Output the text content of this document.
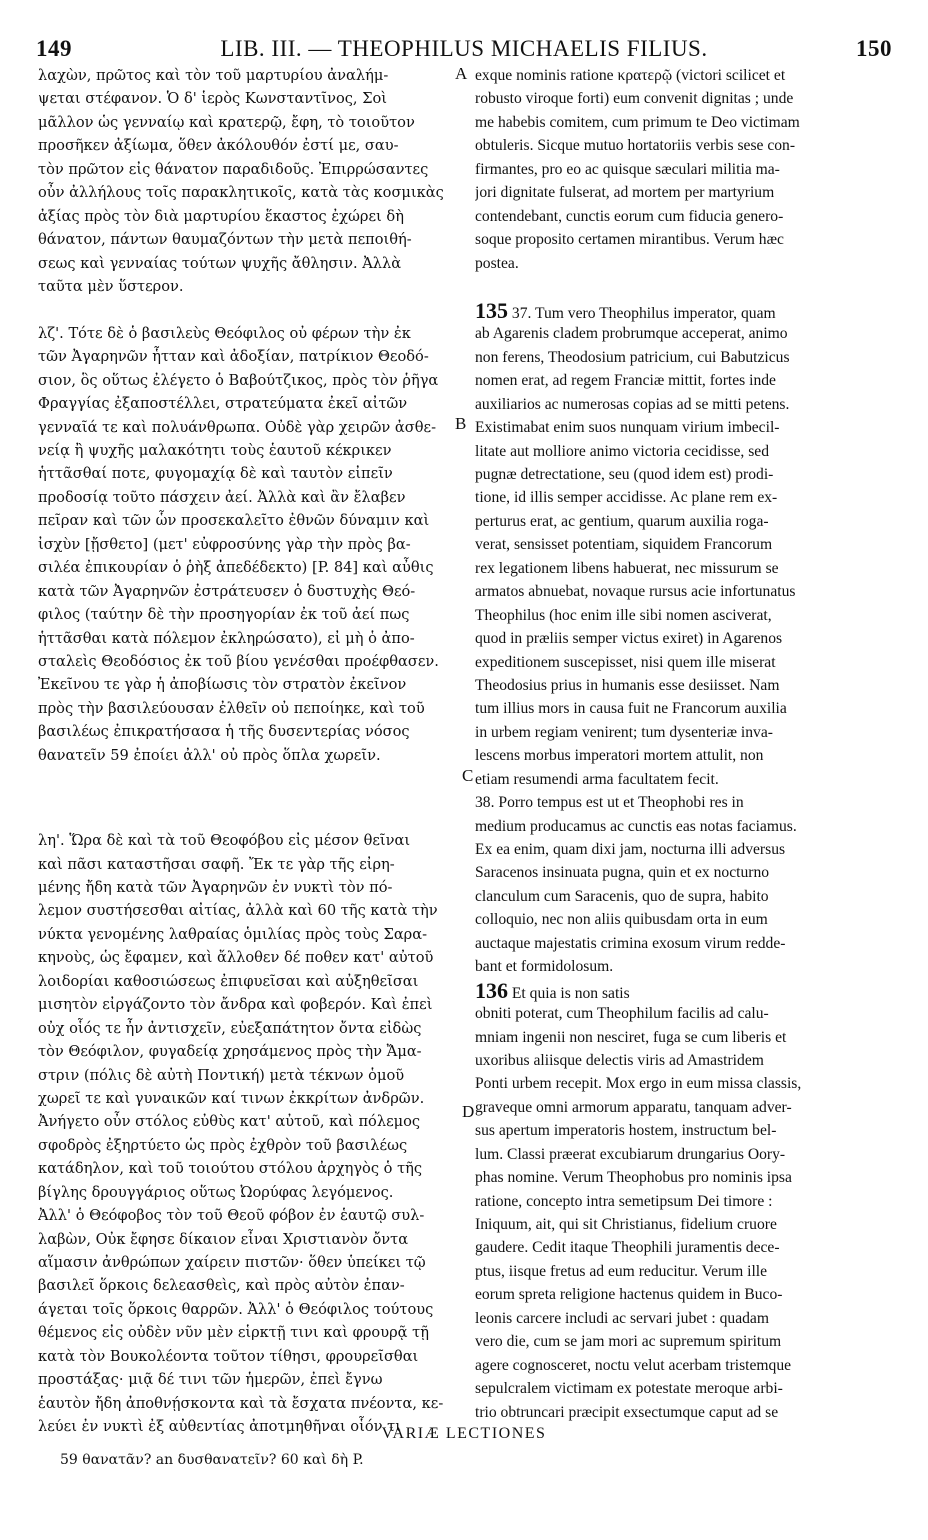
149	LIB. III. — THEOPHILUS MICHAELIS FILIUS.	150
A
B
C
D
λαχὼν, πρῶτος καὶ τὸν τοῦ μαρτυρίου ἀναλήμ-
ψεται στέφανον. Ὁ δ' ἱερὸς Κωνσταντῖνος, Σοὶ
μᾶλλον ὡς γενναίῳ καὶ κρατερῷ, ἔφη, τὸ τοιοῦτον
προσῆκεν ἀξίωμα, ὅθεν ἀκόλουθόν ἐστί με, σαυ-
τὸν πρῶτον εἰς θάνατον παραδιδοῦς. Ἐπιρρώσαντες
οὖν ἀλλήλους τοῖς παρακλητικοῖς, κατὰ τὰς κοσμικὰς
ἀξίας πρὸς τὸν διὰ μαρτυρίου ἕκαστος ἐχώρει δὴ
θάνατον, πάντων θαυμαζόντων τὴν μετὰ πεποιθή-
σεως καὶ γενναίας τούτων ψυχῆς ἄθλησιν. Ἀλλὰ
ταῦτα μὲν ὕστερον.
λζ'. Τότε δὲ ὁ βασιλεὺς Θεόφιλος οὐ φέρων τὴν ἐκ
τῶν Ἀγαρηνῶν ἧτταν καὶ ἀδοξίαν, πατρίκιον Θεοδό-
σιον, ὃς οὕτως ἐλέγετο ὁ Βαβούτζικος, πρὸς τὸν ῥῆγα
Φραγγίας ἐξαποστέλλει, στρατεύματα ἐκεῖ αἰτῶν
γενναῖά τε καὶ πολυάνθρωπα. Οὐδὲ γὰρ χειρῶν ἀσθε-
νείᾳ ἢ ψυχῆς μαλακότητι τοὺς ἑαυτοῦ κέκρικεν
ἡττᾶσθαί ποτε, φυγομαχίᾳ δὲ καὶ ταυτὸν εἰπεῖν
προδοσίᾳ τοῦτο πάσχειν ἀεί. Ἀλλὰ καὶ ἂν ἔλαβεν
πεῖραν καὶ τῶν ὧν προσεκαλεῖτο ἐθνῶν δύναμιν καὶ
ἰσχὺν [ᾔσθετο] (μετ' εὐφροσύνης γὰρ τὴν πρὸς βα-
σιλέα ἐπικουρίαν ὁ ῥὴξ ἀπεδέδεκτο) [P. 84] καὶ αὖθις
κατὰ τῶν Ἀγαρηνῶν ἐστράτευσεν ὁ δυστυχὴς Θεό-
φιλος (ταύτην δὲ τὴν προσηγορίαν ἐκ τοῦ ἀεί πως
ἡττᾶσθαι κατὰ πόλεμον ἐκληρώσατο), εἰ μὴ ὁ ἀπο-
σταλεὶς Θεοδόσιος ἐκ τοῦ βίου γενέσθαι προέφθασεν.
Ἐκεῖνου τε γὰρ ἡ ἀποβίωσις τὸν στρατὸν ἐκεῖνον
πρὸς τὴν βασιλεύουσαν ἐλθεῖν οὐ πεποίηκε, καὶ τοῦ
βασιλέως ἐπικρατήσασα ἡ τῆς δυσεντερίας νόσος
θανατεῖν 59 ἐποίει ἀλλ' οὐ πρὸς ὅπλα χωρεῖν.
λη'. Ὥρα δὲ καὶ τὰ τοῦ Θεοφόβου εἰς μέσον θεῖναι
καὶ πᾶσι καταστῆσαι σαφῆ. Ἔκ τε γὰρ τῆς εἰρη-
μένης ἤδη κατὰ τῶν Ἀγαρηνῶν ἐν νυκτὶ τὸν πό-
λεμον συστήσεσθαι αἰτίας, ἀλλὰ καὶ 60 τῆς κατὰ τὴν
νύκτα γενομένης λαθραίας ὁμιλίας πρὸς τοὺς Σαρα-
κηνοὺς, ὡς ἔφαμεν, καὶ ἄλλοθεν δέ ποθεν κατ' αὐτοῦ
λοιδορίαι καθοσιώσεως ἐπιφυεῖσαι καὶ αὐξηθεῖσαι
μισητὸν εἰργάζοντο τὸν ἄνδρα καὶ φοβερόν. Καὶ ἐπεὶ
οὐχ οἷός τε ἦν ἀντισχεῖν, εὐεξαπάτητον ὄντα εἰδὼς
τὸν Θεόφιλον, φυγαδείᾳ χρησάμενος πρὸς τὴν Ἄμα-
στριν (πόλις δὲ αὐτὴ Ποντική) μετὰ τέκνων ὁμοῦ
χωρεῖ τε καὶ γυναικῶν καί τινων ἐκκρίτων ἀνδρῶν.
Ἀνήγετο οὖν στόλος εὐθὺς κατ' αὐτοῦ, καὶ πόλεμος
σφοδρὸς ἐξηρτύετο ὡς πρὸς ἐχθρὸν τοῦ βασιλέως
κατάδηλον, καὶ τοῦ τοιούτου στόλου ἀρχηγὸς ὁ τῆς
βίγλης δρουγγάριος οὕτως Ὠορύφας λεγόμενος.
Ἀλλ' ὁ Θεόφοβος τὸν τοῦ Θεοῦ φόβον ἐν ἑαυτῷ συλ-
λαβὼν, Οὐκ ἔφησε δίκαιον εἶναι Χριστιανὸν ὄντα
αἵμασιν ἀνθρώπων χαίρειν πιστῶν· ὅθεν ὑπείκει τῷ
βασιλεῖ ὅρκοις δελεασθεὶς, καὶ πρὸς αὐτὸν ἐπαν-
άγεται τοῖς ὅρκοις θαρρῶν. Ἀλλ' ὁ Θεόφιλος τούτους
θέμενος εἰς οὐδὲν νῦν μὲν εἱρκτῇ τινι καὶ φρουρᾷ τῇ
κατὰ τὸν Βουκολέοντα τοῦτον τίθησι, φρουρεῖσθαι
προστάξας· μιᾷ δέ τινι τῶν ἡμερῶν, ἐπεὶ ἔγνω
ἑαυτὸν ἤδη ἀποθνῄσκοντα καὶ τὰ ἔσχατα πνέοντα, κε-
λεύει ἐν νυκτὶ ἐξ αὐθεντίας ἀποτμηθῆναι οἷόν τι
exque nominis ratione κρατερῷ (victori scilicet et
robusto viroque forti) eum convenit dignitas ; unde
me habebis comitem, cum primum te Deo victimam
obtuleris. Sicque mutuo hortatoriis verbis sese con-
firmantes, pro eo ac quisque sæculari militia ma-
jori dignitate fulserat, ad mortem per martyrium
contendebant, cunctis eorum cum fiducia genero-
soque proposito certamen mirantibus. Verum hæc
postea.
135 37. Tum vero Theophilus imperator, quam
ab Agarenis cladem probrumque acceperat, animo
non ferens, Theodosium patricium, cui Babutzicus
nomen erat, ad regem Franciæ mittit, fortes inde
auxiliarios ac numerosas copias ad se mitti petens.
Existimabat enim suos nunquam virium imbecil-
litate aut molliore animo victoria cecidisse, sed
pugnæ detrectatione, seu (quod idem est) prodi-
tione, id illis semper accidisse. Ac plane rem ex-
perturus erat, ac gentium, quarum auxilia roga-
verat, sensisset potentiam, siquidem Francorum
rex legationem libens habuerat, nec missurum se
armatos abnuebat, novaque rursus acie infortunatus
Theophilus (hoc enim ille sibi nomen asciverat,
quod in præliis semper victus exiret) in Agarenos
expeditionem suscepisset, nisi quem ille miserat
Theodosius prius in humanis esse desiisset. Nam
tum illius mors in causa fuit ne Francorum auxilia
in urbem regiam venirent; tum dysenteriæ inva-
lescens morbus imperatori mortem attulit, non
etiam resumendi arma facultatem fecit.
38. Porro tempus est ut et Theophobi res in
medium producamus ac cunctis eas notas faciamus.
Ex ea enim, quam dixi jam, nocturna illi adversus
Saracenos insinuata pugna, quin et ex nocturno
clanculum cum Saracenis, quo de supra, habito
colloquio, nec non aliis quibusdam orta in eum
auctaque majestatis crimina exosum virum redde-
bant et formidolosum.
136 Et quia is non satis
obniti poterat, cum Theophilum facilis ad calu-
mniam ingenii non nesciret, fuga se cum liberis et
uxoribus aliisque delectis viris ad Amastridem
Ponti urbem recepit. Mox ergo in eum missa classis,
graveque omni armorum apparatu, tanquam adver-
sus apertum imperatoris hostem, instructum bel-
lum. Classi præerat excubiarum drungarius Oory-
phas nomine. Verum Theophobus pro nominis ipsa
ratione, concepto intra semetipsum Dei timore :
Iniquum, ait, qui sit Christianus, fidelium cruore
gaudere. Cedit itaque Theophili juramentis dece-
ptus, iisque fretus ad eum reducitur. Verum ille
eorum spreta religione hactenus quidem in Buco-
leonis carcere includi ac servari jubet : quadam
vero die, cum se jam mori ac supremum spiritum
agere cognosceret, noctu velut acerbam tristemque
sepulcralem victimam ex potestate meroque arbi-
trio obtruncari præcipit exsectumque caput ad se
VARIÆ LECTIONES
59 θανατᾶν? an δυσθανατεῖν? 60 καὶ δὴ P.
